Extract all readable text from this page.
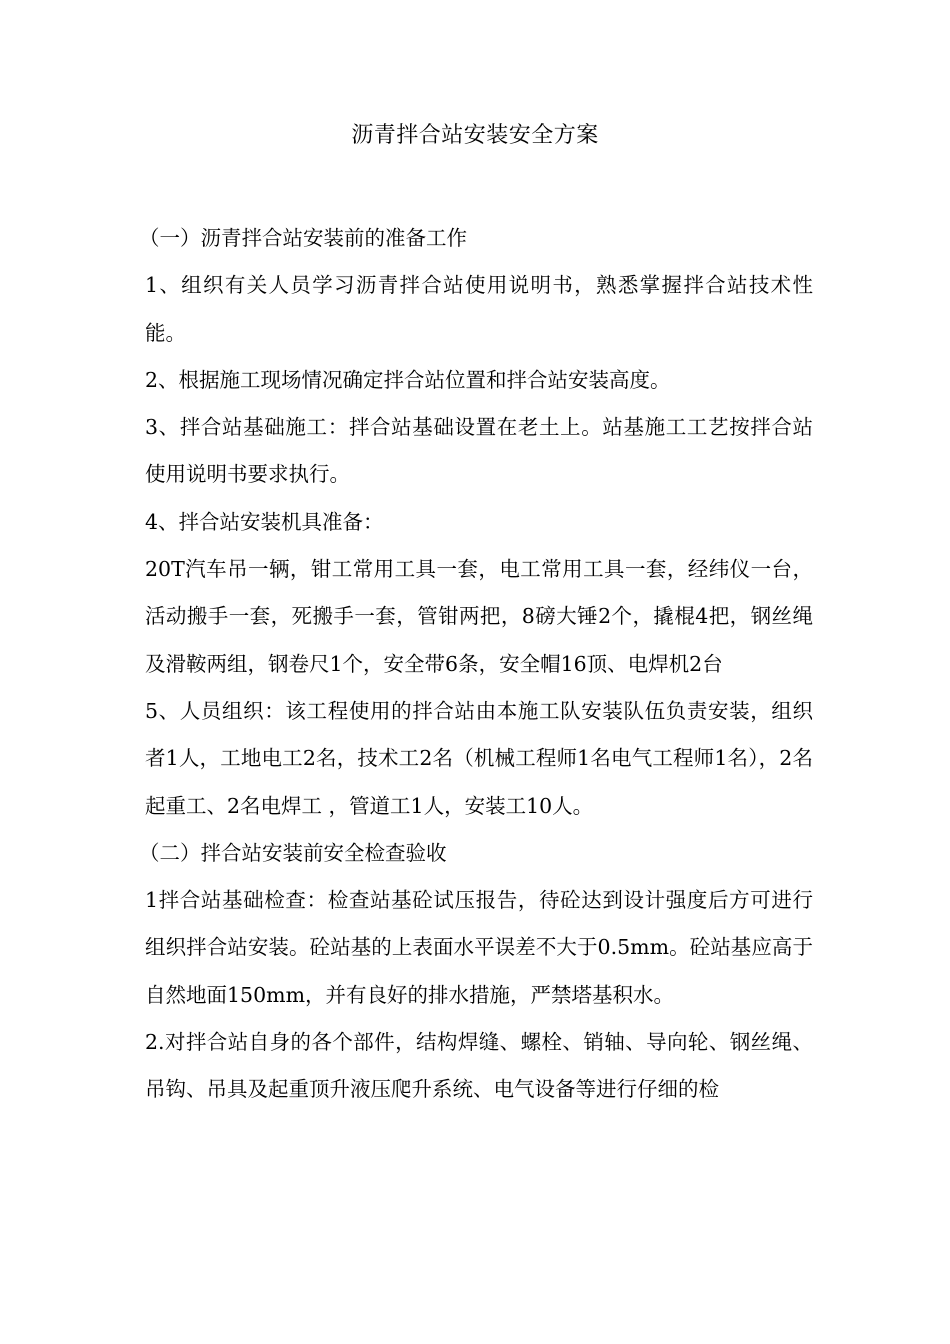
沥青拌合站安装安全方案

（一）沥青拌合站安装前的准备工作

1、组织有关人员学习沥青拌合站使用说明书，熟悉掌握拌合站技术性能。

2、根据施工现场情况确定拌合站位置和拌合站安装高度。

3、拌合站基础施工：拌合站基础设置在老土上。站基施工工艺按拌合站使用说明书要求执行。

4、拌合站安装机具准备：

20T汽车吊一辆，钳工常用工具一套，电工常用工具一套，经纬仪一台，活动搬手一套，死搬手一套，管钳两把，8磅大锤2个，撬棍4把，钢丝绳及滑鞍两组，钢卷尺1个，安全带6条，安全帽16顶、电焊机2台

5、人员组织：该工程使用的拌合站由本施工队安装队伍负责安装，组织者1人，工地电工2名，技术工2名（机械工程师1名电气工程师1名），2名起重工、2名电焊工 ，管道工1人，安装工10人。

（二）拌合站安装前安全检查验收

1拌合站基础检查：检查站基砼试压报告，待砼达到设计强度后方可进行组织拌合站安装。砼站基的上表面水平误差不大于0.5mm。砼站基应高于自然地面150mm，并有良好的排水措施，严禁塔基积水。

2.对拌合站自身的各个部件，结构焊缝、螺栓、销轴、导向轮、钢丝绳、吊钩、吊具及起重顶升液压爬升系统、电气设备等进行仔细的检
